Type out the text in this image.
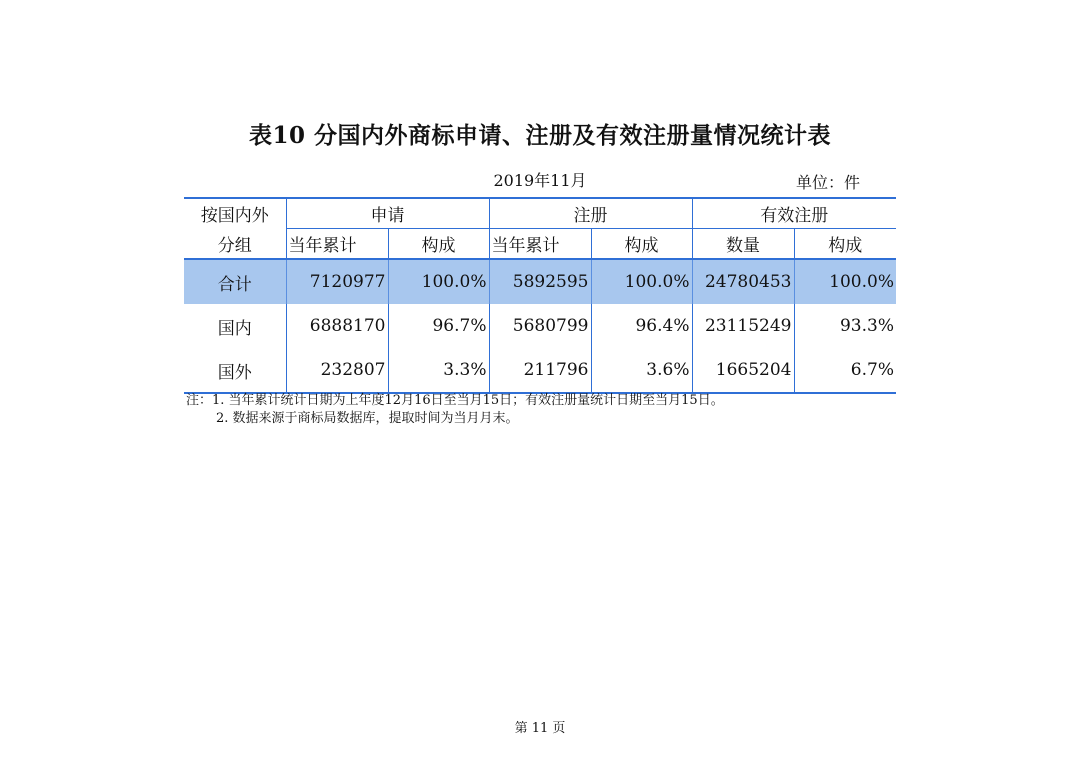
表10 分国内外商标申请、注册及有效注册量情况统计表
2019年11月	单位：件
按国内外	申请		注册		有效注册	
分组	当年累计	构成	当年累计	构成	数量	构成
合计	7120977	100.0%	5892595	100.0%	24780453	100.0%
国内	6888170	96.7%	5680799	96.4%	23115249	93.3%
国外	232807	3.3%	211796	3.6%	1665204	6.7%
注：1. 当年累计统计日期为上年度12月16日至当月15日；有效注册量统计日期至当月15日。
2. 数据来源于商标局数据库，提取时间为当月月末。
第 11 页
